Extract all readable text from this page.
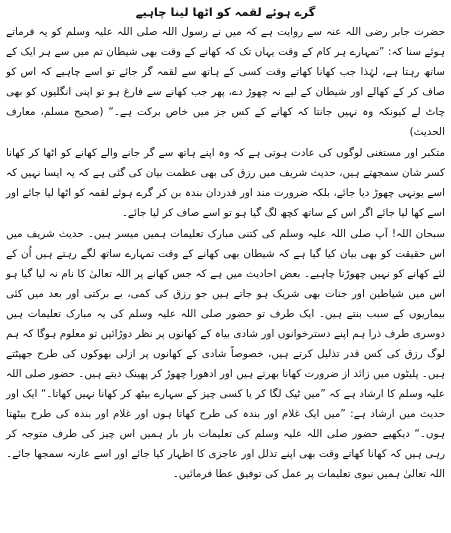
گرے ہوئے لقمہ کو اٹھا لینا چاہیے

حضرت جابر رضی اللہ عنہ سے روایت ہے کہ میں نے رسول اللہ صلی اللہ علیہ وسلم کو یہ فرماتے ہوئے سنا کہ: ”تمہارے ہر کام کے وقت یہاں تک کہ کھانے کے وقت بھی شیطان تم میں سے ہر ایک کے ساتھ رہتا ہے، لہٰذا جب کھانا کھاتے وقت کسی کے ہاتھ سے لقمہ گر جائے تو اسے چاہیے کہ اس کو صاف کر کے کھالے اور شیطان کے لیے نہ چھوڑ دے، پھر جب کھانے سے فارغ ہو تو اپنی انگلیوں کو بھی چاٹ لے کیونکہ وہ نہیں جانتا کہ کھانے کے کس جز میں خاص برکت ہے۔“ (صحیح مسلم، معارف الحدیث)

متکبر اور مستغنی لوگوں کی عادت ہوتی ہے کہ وہ اپنے ہاتھ سے گر جانے والے کھانے کو اٹھا کر کھانا کسر شان سمجھتے ہیں، حدیث شریف میں رزق کی بھی عظمت بیان کی گئی ہے کہ یہ ایسا نہیں کہ اسے یونہی چھوڑ دیا جائے، بلکہ ضرورت مند اور قدردان بندہ بن کر گرے ہوئے لقمہ کو اٹھا لیا جائے اور اسے کھا لیا جائے اگر اس کے ساتھ کچھ لگ گیا ہو تو اسے صاف کر لیا جائے۔

سبحان اللہ! آپ صلی اللہ علیہ وسلم کی کتنی مبارک تعلیمات ہمیں میسر ہیں۔ حدیث شریف میں اس حقیقت کو بھی بیان کیا گیا ہے کہ شیطان بھی کھانے کے وقت تمہارے ساتھ لگے رہتے ہیں اُن کے لئے کھانے کو نہیں چھوڑنا چاہیے۔ بعض احادیث میں ہے کہ جس کھانے پر اللہ تعالیٰ کا نام نہ لیا گیا ہو اس میں شیاطین اور جنات بھی شریک ہو جاتے ہیں جو رزق کی کمی، بے برکتی اور بعد میں کئی بیماریوں کے سبب بنتے ہیں۔ ایک طرف تو حضور صلی اللہ علیہ وسلم کی یہ مبارک تعلیمات ہیں دوسری طرف ذرا ہم اپنے دسترخوانوں اور شادی بیاہ کے کھانوں پر نظر دوڑائیں تو معلوم ہوگا کہ ہم لوگ رزق کی کس قدر تذلیل کرتے ہیں، خصوصاً شادی کے کھانوں پر ازلی بھوکوں کی طرح جھپٹتے ہیں۔ پلیٹوں میں زائد از ضرورت کھانا بھرتے ہیں اور ادھورا چھوڑ کر پھینک دیتے ہیں۔ حضور صلی اللہ علیہ وسلم کا ارشاد ہے کہ ”میں ٹیک لگا کر یا کسی چیز کے سہارے بیٹھ کر کھانا نہیں کھاتا۔“ ایک اور حدیث میں ارشاد ہے: ”میں ایک غلام اور بندہ کی طرح کھاتا ہوں اور غلام اور بندہ کی طرح بیٹھتا ہوں۔“ دیکھیے حضور صلی اللہ علیہ وسلم کی تعلیمات بار بار ہمیں اس چیز کی طرف متوجہ کر رہی ہیں کہ کھانا کھاتے وقت بھی اپنے تذلل اور عاجزی کا اظہار کیا جائے اور اسے عارنہ سمجھا جائے۔ اللہ تعالیٰ ہمیں نبوی تعلیمات پر عمل کی توفیق عطا فرمائیں۔
